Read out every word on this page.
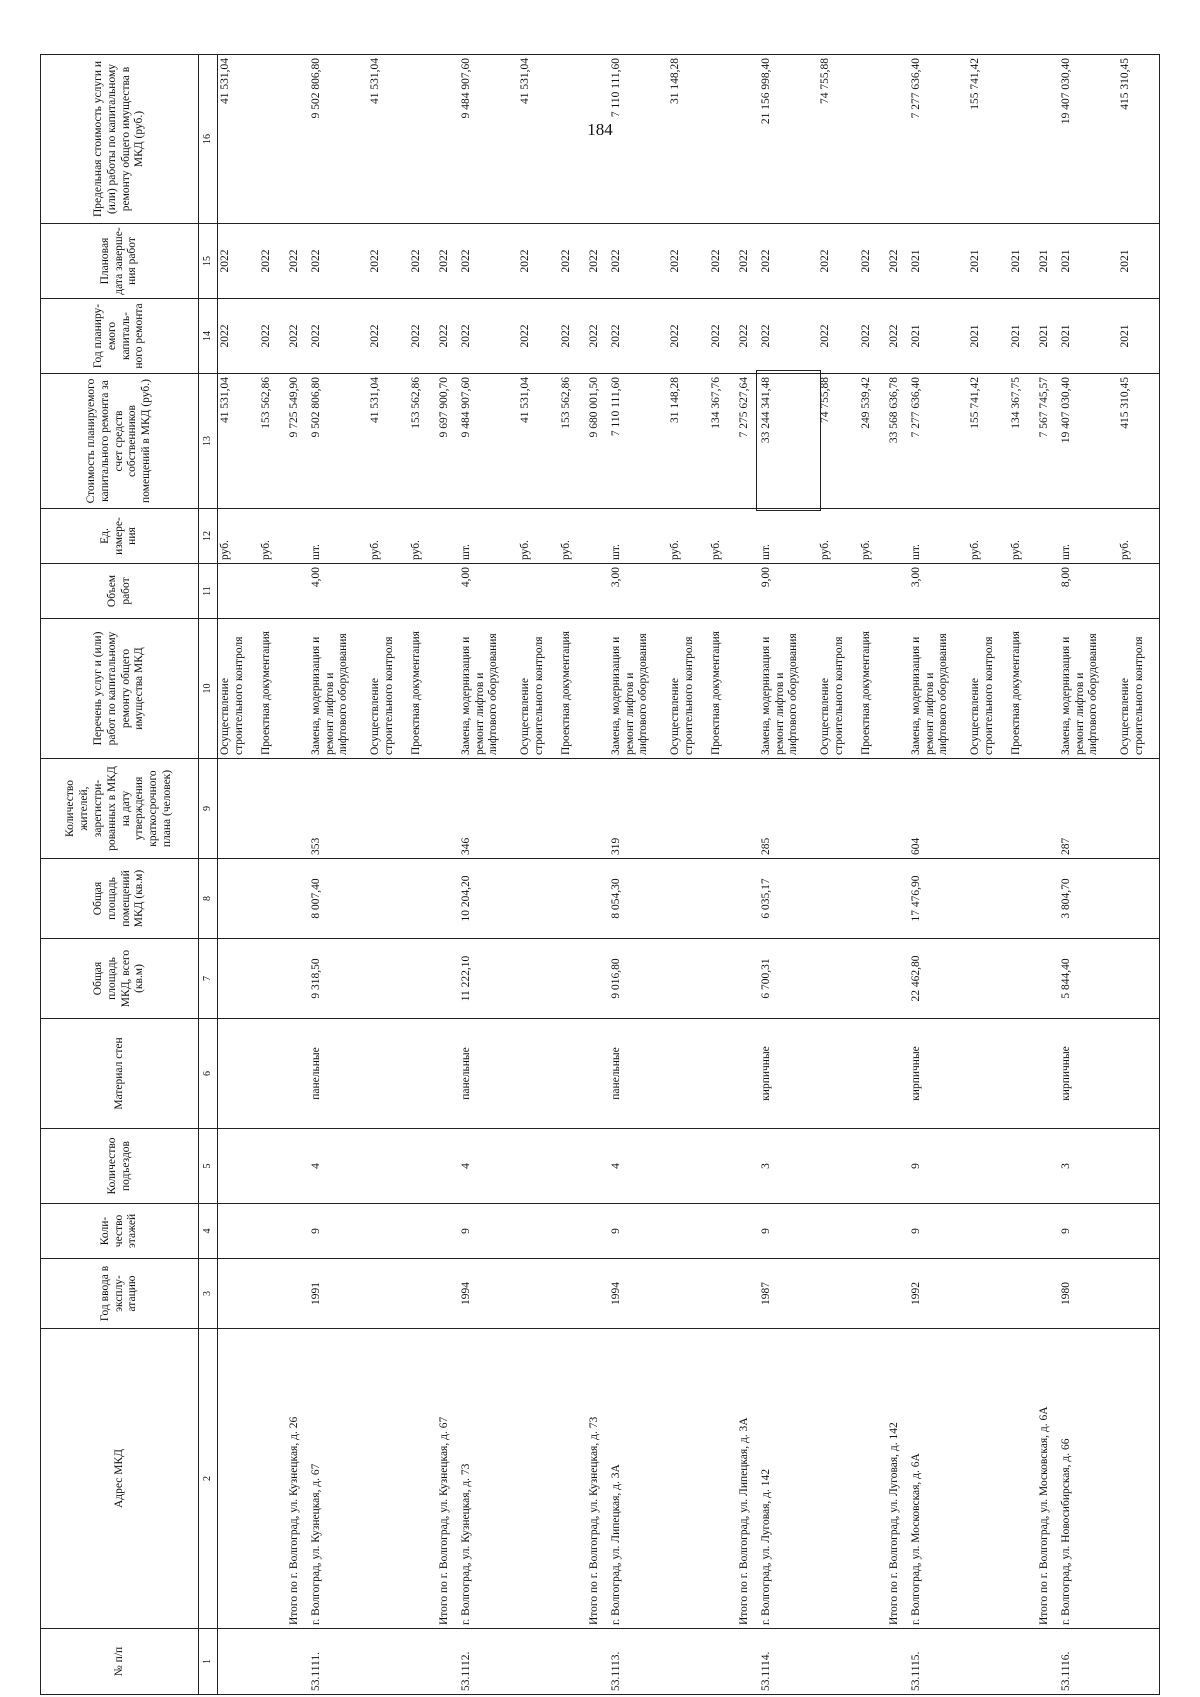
184
№ п/п	Адрес МКД	Год ввода в эксплу-атацию	Коли-чество этажей	Количество подъездов	Материал стен	Общая площадь МКД, всего (кв.м)	Общая площадь помещений МКД (кв.м)	Количество жителей, зарегистри-рованных в МКД на дату утверждения краткосрочного плана (человек)	Перечень услуг и (или) работ по капитальному ремонту общего имущества МКД	Объем работ	Ед. измере-ния	Стоимость планируемого капитального ремонта за счет средств собственников помещений в МКД (руб.)	Год планиру-емого капиталь-ного ремонта	Плановая дата заверше-ния работ	Предельная стоимость услуги и (или) работы по капитальному ремонту общего имущества в МКД (руб.)
1	2	3	4	5	6	7	8	9	10	11	12	13	14	15	16
									Осуществление строительного контроля		руб.	41 531,04	2022	2022	41 531,04
									Проектная документация		руб.	153 562,86	2022	2022	
	Итого по г. Волгоград, ул. Кузнецкая, д. 26											9 725 549,90	2022	2022	
53.1111.	г. Волгоград, ул. Кузнецкая, д. 67	1991	9	4	панельные	9 318,50	8 007,40	353	Замена, модернизация и ремонт лифтов и лифтового оборудования	4,00	шт.	9 502 806,80	2022	2022	9 502 806,80
									Осуществление строительного контроля		руб.	41 531,04	2022	2022	41 531,04
									Проектная документация		руб.	153 562,86	2022	2022	
	Итого по г. Волгоград, ул. Кузнецкая, д. 67											9 697 900,70	2022	2022	
53.1112.	г. Волгоград, ул. Кузнецкая, д. 73	1994	9	4	панельные	11 222,10	10 204,20	346	Замена, модернизация и ремонт лифтов и лифтового оборудования	4,00	шт.	9 484 907,60	2022	2022	9 484 907,60
									Осуществление строительного контроля		руб.	41 531,04	2022	2022	41 531,04
									Проектная документация		руб.	153 562,86	2022	2022	
	Итого по г. Волгоград, ул. Кузнецкая, д. 73											9 680 001,50	2022	2022	
53.1113.	г. Волгоград, ул. Липецкая, д. 3А	1994	9	4	панельные	9 016,80	8 054,30	319	Замена, модернизация и ремонт лифтов и лифтового оборудования	3,00	шт.	7 110 111,60	2022	2022	7 110 111,60
									Осуществление строительного контроля		руб.	31 148,28	2022	2022	31 148,28
									Проектная документация		руб.	134 367,76	2022	2022	
	Итого по г. Волгоград, ул. Липецкая, д. 3А											7 275 627,64	2022	2022	
53.1114.	г. Волгоград, ул. Луговая, д. 142	1987	9	3	кирпичные	6 700,31	6 035,17	285	Замена, модернизация и ремонт лифтов и лифтового оборудования	9,00	шт.	33 244 341,48	2022	2022	21 156 998,40
									Осуществление строительного контроля		руб.	74 755,88	2022	2022	74 755,88
									Проектная документация		руб.	249 539,42	2022	2022	
	Итого по г. Волгоград, ул. Луговая, д. 142											33 568 636,78	2022	2022	
53.1115.	г. Волгоград, ул. Московская, д. 6А	1992	9	9	кирпичные	22 462,80	17 476,90	604	Замена, модернизация и ремонт лифтов и лифтового оборудования	3,00	шт.	7 277 636,40	2021	2021	7 277 636,40
									Осуществление строительного контроля		руб.	155 741,42	2021	2021	155 741,42
									Проектная документация		руб.	134 367,75	2021	2021	
	Итого по г. Волгоград, ул. Московская, д. 6А											7 567 745,57	2021	2021	
53.1116.	г. Волгоград, ул. Новосибирская, д. 66	1980	9	3	кирпичные	5 844,40	3 804,70	287	Замена, модернизация и ремонт лифтов и лифтового оборудования	8,00	шт.	19 407 030,40	2021	2021	19 407 030,40
									Осуществление строительного контроля		руб.	415 310,45	2021	2021	415 310,45
